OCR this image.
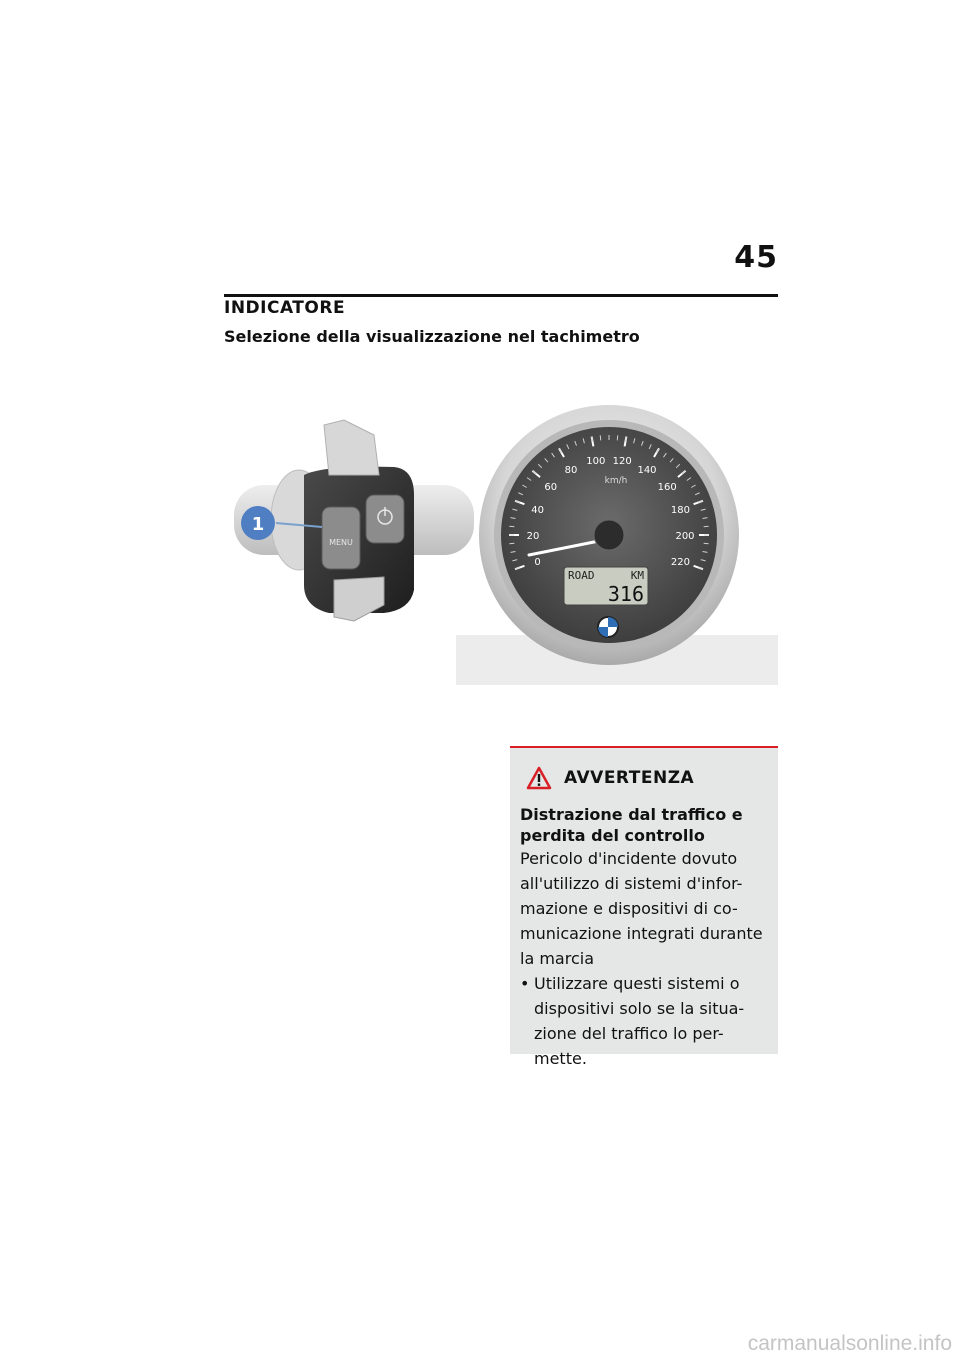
45
INDICATORE
Selezione della visualizzazione nel tachimetro
MENU
1
0
20
40
60
80
100 120
140
160
180
200
220
km/h
ROAD	KM
316
AVVERTENZA
Distrazione dal traffico e perdita del controllo
Pericolo d'incidente dovuto all'utilizzo di sistemi d'infor-mazione e dispositivi di co-municazione integrati durante la marcia
• Utilizzare questi sistemi o dispositivi solo se la situa-zione del traffico lo per-mette.
carmanualsonline.info
